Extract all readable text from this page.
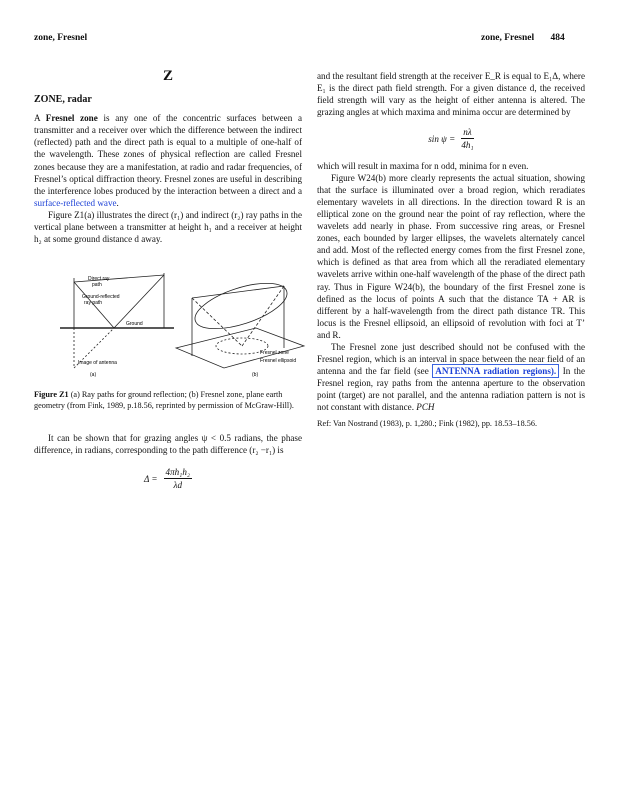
zone, Fresnel	zone, Fresnel 484
Z
ZONE, radar

A Fresnel zone is any one of the concentric surfaces between a transmitter and a receiver over which the difference between the indirect (reflected) path and the direct path is equal to a multiple of one-half of the wavelength. These zones of physical reflection are called Fresnel zones because they are a manifestation, at radio and radar frequencies, of Fresnel’s optical diffraction theory. Fresnel zones are useful in describing the interference lobes produced by the interaction between a direct and a surface-reflected wave.

Figure Z1(a) illustrates the direct (r₁) and indirect (r₂) ray paths in the vertical plane between a transmitter at height h₁ and a receiver at height h₂ at some ground distance d away.

Direct ray
path
Ground-reflected
ray path
Ground
Image of antenna
(a)
Fresnel zone
Fresnel ellipsoid
(b)
Figure Z1 (a) Ray paths for ground reflection; (b) Fresnel zone, plane earth geometry (from Fink, 1989, p.18.56, reprinted by permission of McGraw-Hill).

It can be shown that for grazing angles ψ < 0.5 radians, the phase difference, in radians, corresponding to the path difference (r₂ −r₁) is

$\Delta = \frac{\text{4πh₁h₂}}{\lambda d}$

and the resultant field strength at the receiver E_R is equal to E₁Δ, where E₁ is the direct path field strength. For a given distance d, the received field strength will vary as the height of either antenna is altered. The grazing angles at which maxima and minima occur are determined by

$\sin \psi = \frac{n\lambda}{\text{4h₁}}$

which will result in maxima for n odd, minima for n even.

Figure W24(b) more clearly represents the actual situation, showing that the surface is illuminated over a broad region, which reradiates elementary wavelets in all directions. In the direction toward R is an elliptical zone on the ground near the point of ray reflection, where the wavelets add nearly in phase. From successive ring areas, or Fresnel zones, each bounded by larger ellipses, the wavelets alternately cancel and add. Most of the reflected energy comes from the first Fresnel zone, which is defined as that area from which all the reradiated elementary wavelets arrive within one-half wavelength of the phase of the direct path ray. Thus in Figure W24(b), the boundary of the first Fresnel zone is defined as the locus of points A such that the distance TA + AR is different by a half-wavelength from the direct path distance TR. This locus is the Fresnel ellipsoid, an ellipsoid of revolution with foci at T’ and R.

The Fresnel zone just described should not be confused with the Fresnel region, which is an interval in space between the near field of an antenna and the far field (see ANTENNA radiation regions). In the Fresnel region, ray paths from the antenna aperture to the observation point (target) are not parallel, and the antenna radiation pattern is not is not constant with distance. PCH

Ref: Van Nostrand (1983), p. 1,280.; Fink (1982), pp. 18.53–18.56.
